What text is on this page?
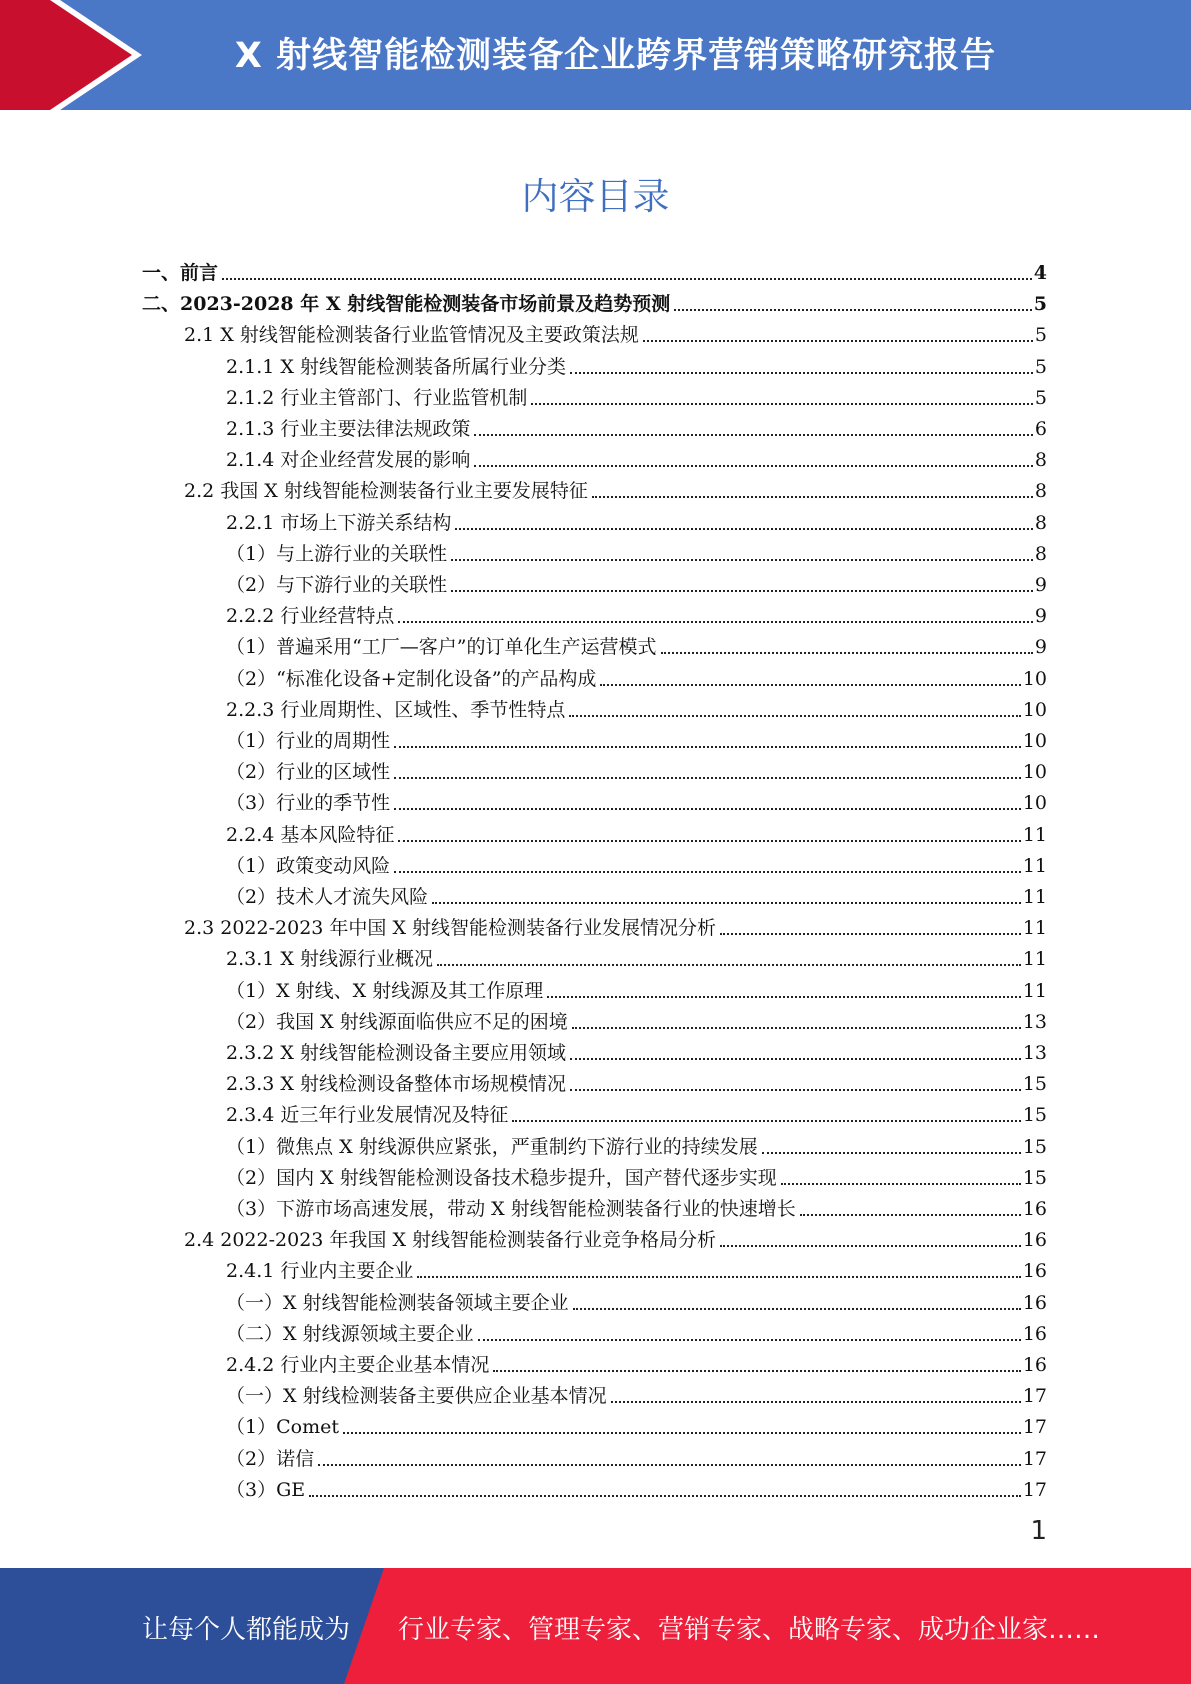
X 射线智能检测装备企业跨界营销策略研究报告
内容目录
一、前言	4
二、2023-2028 年 X 射线智能检测装备市场前景及趋势预测	5
2.1 X 射线智能检测装备行业监管情况及主要政策法规	5
2.1.1 X 射线智能检测装备所属行业分类	5
2.1.2 行业主管部门、行业监管机制	5
2.1.3 行业主要法律法规政策	6
2.1.4 对企业经营发展的影响	8
2.2 我国 X 射线智能检测装备行业主要发展特征	8
2.2.1 市场上下游关系结构	8
（1）与上游行业的关联性	8
（2）与下游行业的关联性	9
2.2.2 行业经营特点	9
（1）普遍采用“工厂—客户”的订单化生产运营模式	9
（2）“标准化设备+定制化设备”的产品构成	10
2.2.3 行业周期性、区域性、季节性特点	10
（1）行业的周期性	10
（2）行业的区域性	10
（3）行业的季节性	10
2.2.4 基本风险特征	11
（1）政策变动风险	11
（2）技术人才流失风险	11
2.3 2022-2023 年中国 X 射线智能检测装备行业发展情况分析	11
2.3.1 X 射线源行业概况	11
（1）X 射线、X 射线源及其工作原理	11
（2）我国 X 射线源面临供应不足的困境	13
2.3.2 X 射线智能检测设备主要应用领域	13
2.3.3 X 射线检测设备整体市场规模情况	15
2.3.4 近三年行业发展情况及特征	15
（1）微焦点 X 射线源供应紧张，严重制约下游行业的持续发展	15
（2）国内 X 射线智能检测设备技术稳步提升，国产替代逐步实现	15
（3）下游市场高速发展，带动 X 射线智能检测装备行业的快速增长	16
2.4 2022-2023 年我国 X 射线智能检测装备行业竞争格局分析	16
2.4.1 行业内主要企业	16
（一）X 射线智能检测装备领域主要企业	16
（二）X 射线源领域主要企业	16
2.4.2 行业内主要企业基本情况	16
（一）X 射线检测装备主要供应企业基本情况	17
（1）Comet	17
（2）诺信	17
（3）GE	17
1
让每个人都能成为 行业专家、管理专家、营销专家、战略专家、成功企业家……
